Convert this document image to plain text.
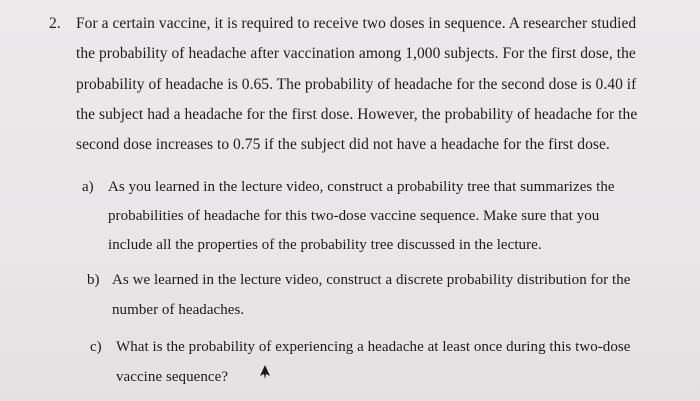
2. For a certain vaccine, it is required to receive two doses in sequence. A researcher studied
the probability of headache after vaccination among 1,000 subjects. For the first dose, the
probability of headache is 0.65. The probability of headache for the second dose is 0.40 if
the subject had a headache for the first dose. However, the probability of headache for the
second dose increases to 0.75 if the subject did not have a headache for the first dose.
a) As you learned in the lecture video, construct a probability tree that summarizes the
probabilities of headache for this two-dose vaccine sequence. Make sure that you
include all the properties of the probability tree discussed in the lecture.
b) As we learned in the lecture video, construct a discrete probability distribution for the
number of headaches.
c) What is the probability of experiencing a headache at least once during this two-dose
vaccine sequence?
